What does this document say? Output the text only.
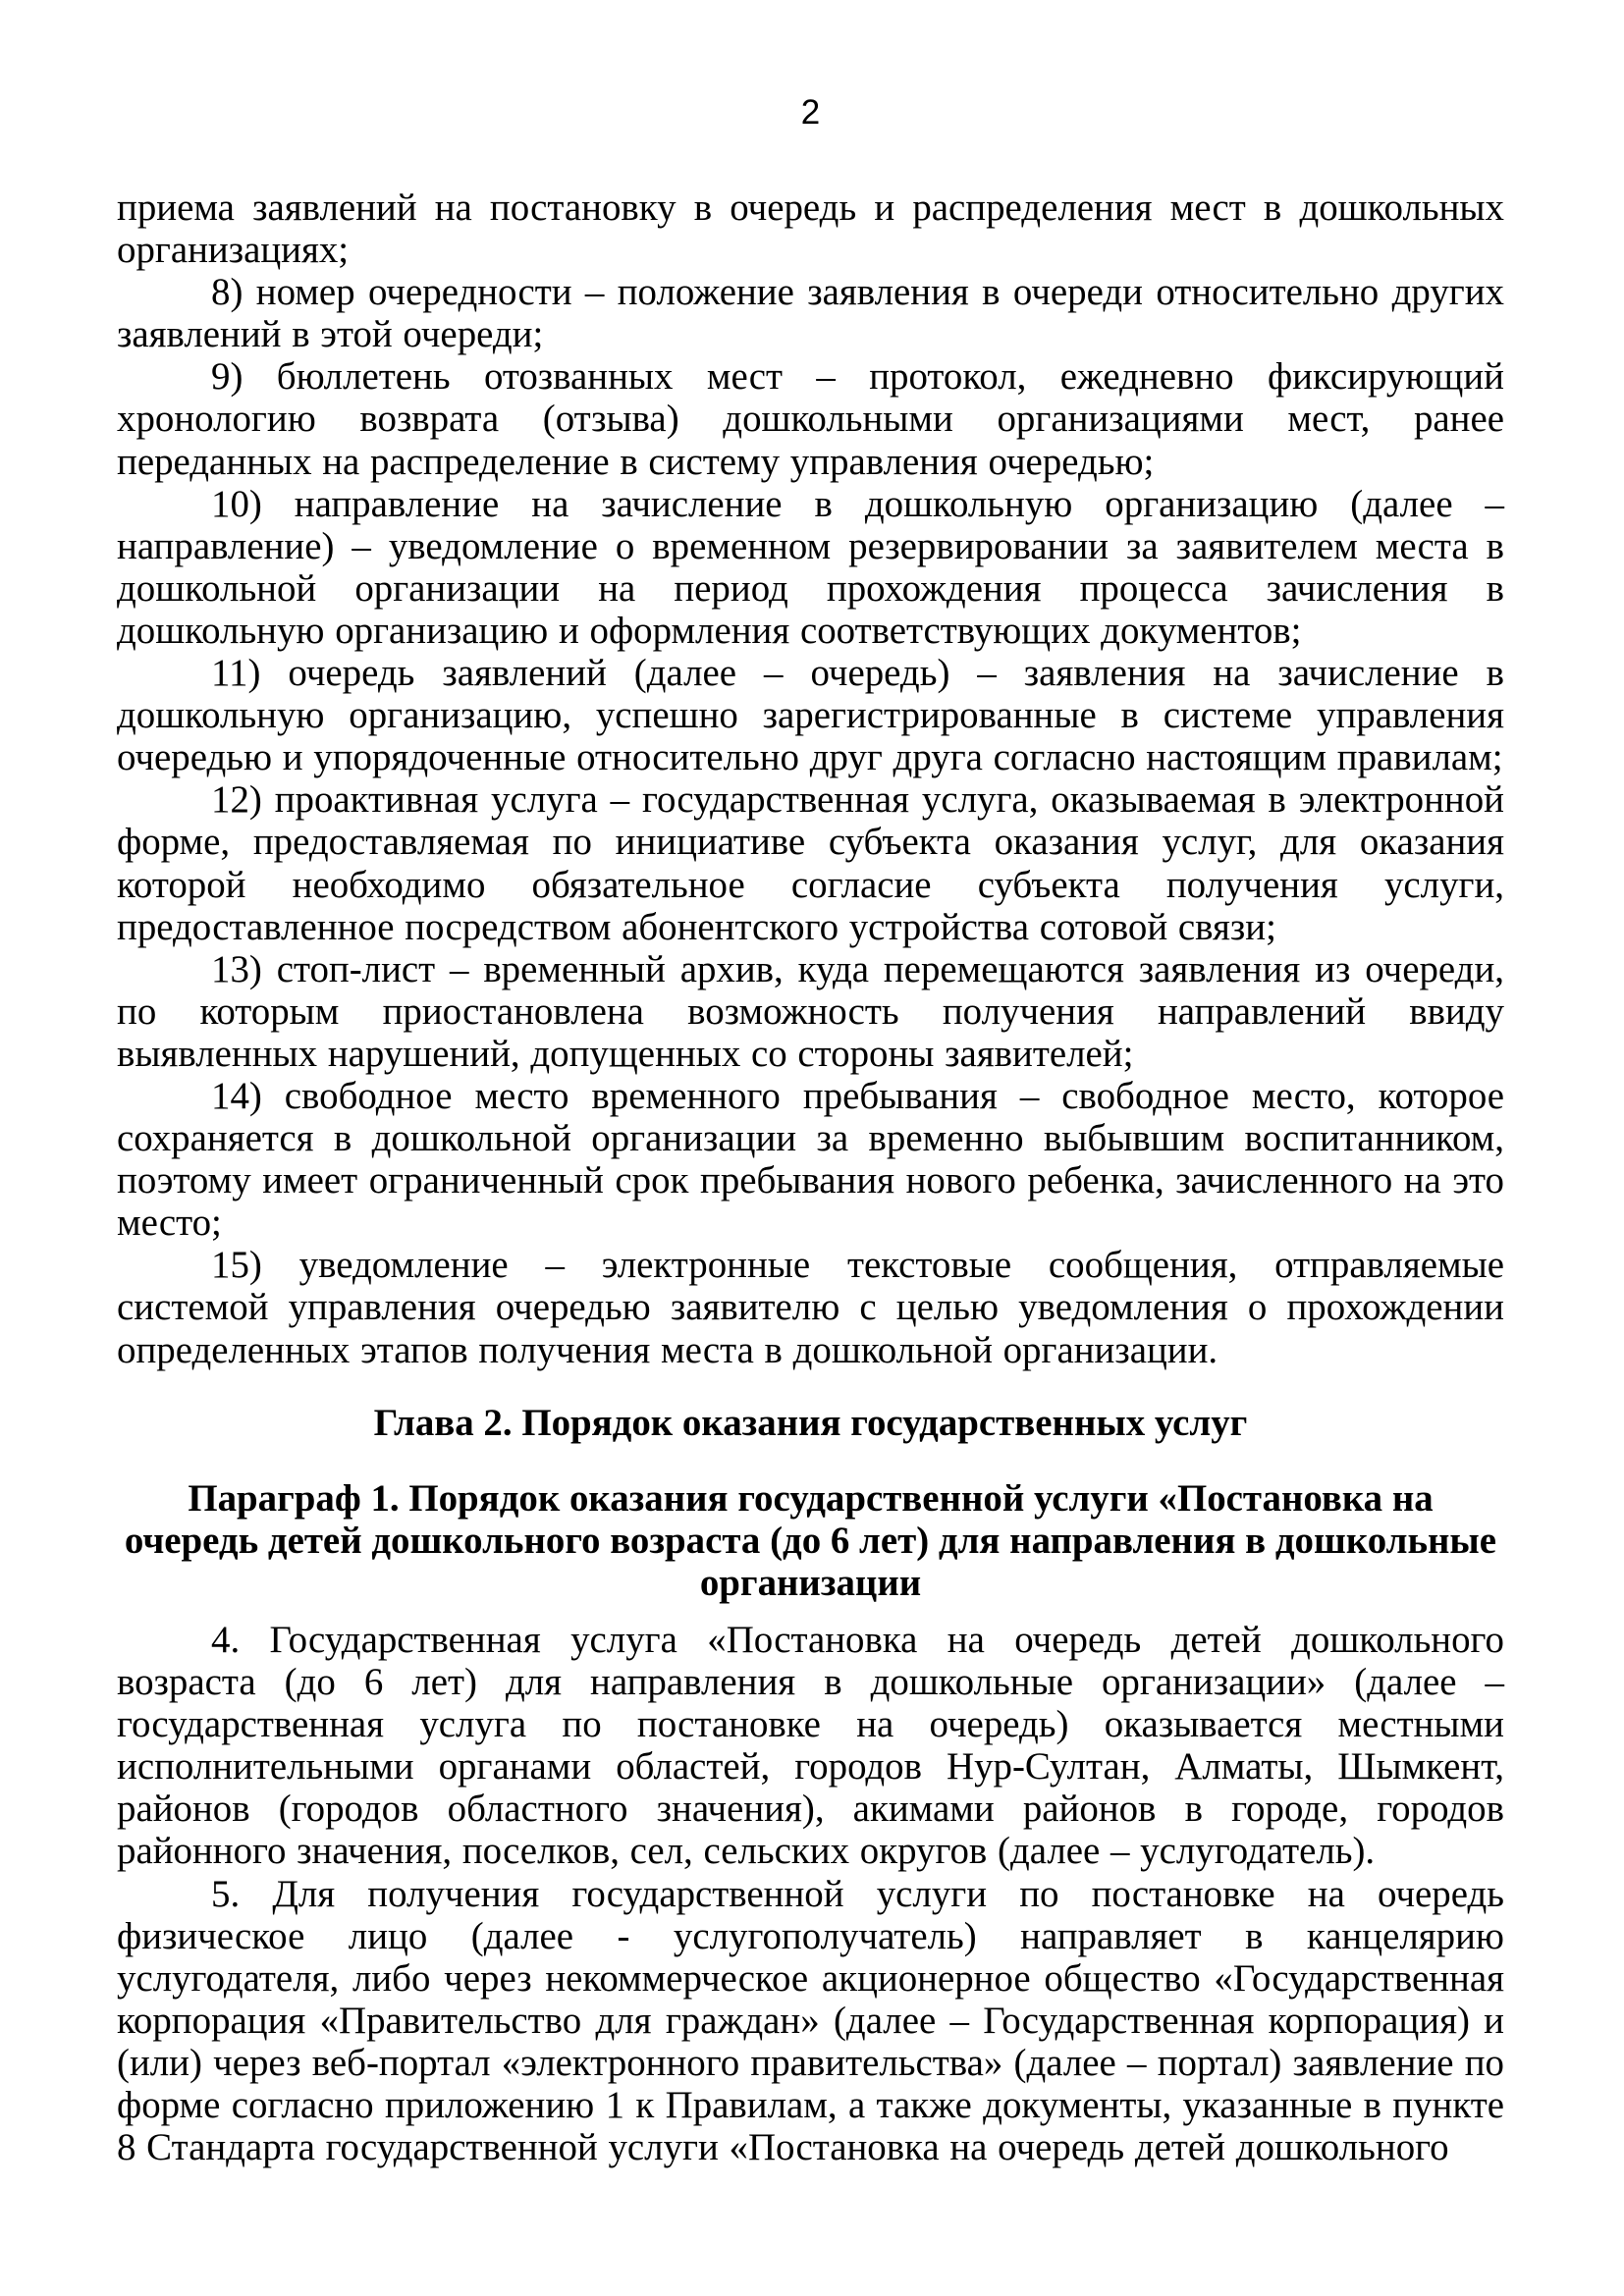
2

приема заявлений на постановку в очередь и распределения мест в дошкольных организациях;

8) номер очередности – положение заявления в очереди относительно других заявлений в этой очереди;

9) бюллетень отозванных мест – протокол, ежедневно фиксирующий хронологию возврата (отзыва) дошкольными организациями мест, ранее переданных на распределение в систему управления очередью;

10) направление на зачисление в дошкольную организацию (далее – направление) – уведомление о временном резервировании за заявителем места в дошкольной организации на период прохождения процесса зачисления в дошкольную организацию и оформления соответствующих документов;

11) очередь заявлений (далее – очередь) – заявления на зачисление в дошкольную организацию, успешно зарегистрированные в системе управления очередью и упорядоченные относительно друг друга согласно настоящим правилам;

12) проактивная услуга – государственная услуга, оказываемая в электронной форме, предоставляемая по инициативе субъекта оказания услуг, для оказания которой необходимо обязательное согласие субъекта получения услуги, предоставленное посредством абонентского устройства сотовой связи;

13) стоп-лист – временный архив, куда перемещаются заявления из очереди, по которым приостановлена возможность получения направлений ввиду выявленных нарушений, допущенных со стороны заявителей;

14) свободное место временного пребывания – свободное место, которое сохраняется в дошкольной организации за временно выбывшим воспитанником, поэтому имеет ограниченный срок пребывания нового ребенка, зачисленного на это место;

15) уведомление – электронные текстовые сообщения, отправляемые системой управления очередью заявителю с целью уведомления о прохождении определенных этапов получения места в дошкольной организации.

Глава 2. Порядок оказания государственных услуг
Параграф 1. Порядок оказания государственной услуги «Постановка на очередь детей дошкольного возраста (до 6 лет) для направления в дошкольные организации

4. Государственная услуга «Постановка на очередь детей дошкольного возраста (до 6 лет) для направления в дошкольные организации» (далее – государственная услуга по постановке на очередь) оказывается местными исполнительными органами областей, городов Нур-Султан, Алматы, Шымкент, районов (городов областного значения), акимами районов в городе, городов районного значения, поселков, сел, сельских округов (далее – услугодатель).

5. Для получения государственной услуги по постановке на очередь физическое лицо (далее - услугополучатель) направляет в канцелярию услугодателя, либо через некоммерческое акционерное общество «Государственная корпорация «Правительство для граждан» (далее – Государственная корпорация) и (или) через веб-портал «электронного правительства» (далее – портал) заявление по форме согласно приложению 1 к Правилам, а также документы, указанные в пункте 8 Стандарта государственной услуги «Постановка на очередь детей дошкольного
